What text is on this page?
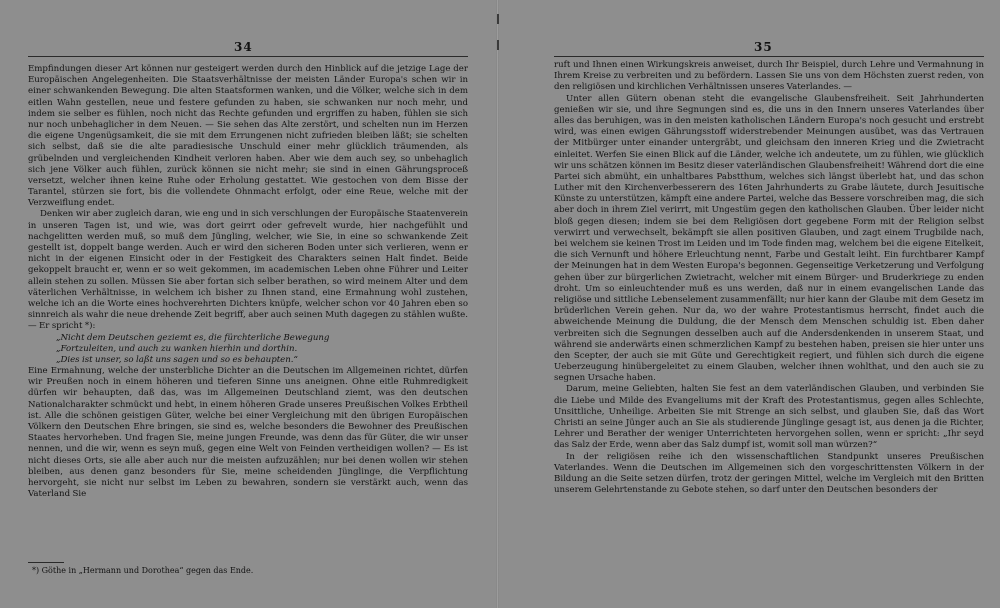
34

Empfindungen dieser Art können nur gesteigert werden durch den Hinblick auf die jetzige Lage der Europäischen Angelegenheiten. Die Staatsverhältnisse der meisten Länder Europa's schen wir in einer schwankenden Bewegung. Die alten Staatsformen wanken, und die Völker, welche sich in dem eitlen Wahn gestellen, neue und festere gefunden zu haben, sie schwanken nur noch mehr, und indem sie selber es fühlen, noch nicht das Rechte gefunden und ergriffen zu haben, fühlen sie sich nur noch unbehaglicher in dem Neuen. — Sie sehen das Alte zerstört, und schelten nun im Herzen die eigene Ungenügsamkeit, die sie mit dem Errungenen nicht zufrieden bleiben läßt; sie schelten sich selbst, daß sie die alte paradiesische Unschuld einer mehr glücklich träumenden, als grübelnden und vergleichenden Kindheit verloren haben. Aber wie dem auch sey, so unbehaglich sich jene Völker auch fühlen, zurück können sie nicht mehr; sie sind in einen Gährungsproceß versetzt, welcher ihnen keine Ruhe oder Erholung gestattet. Wie gestochen von dem Bisse der Tarantel, stürzen sie fort, bis die vollendete Ohnmacht erfolgt, oder eine Reue, welche mit der Verzweiflung endet.

Denken wir aber zugleich daran, wie eng und in sich verschlungen der Europäische Staatenverein in unseren Tagen ist, und wie, was dort geirrt oder gefrevelt wurde, hier nachgefühlt und nachgelitten werden muß, so muß dem Jüngling, welcher, wie Sie, in eine so schwankende Zeit gestellt ist, doppelt bange werden. Auch er wird den sicheren Boden unter sich verlieren, wenn er nicht in der eigenen Einsicht oder in der Festigkeit des Charakters seinen Halt findet. Beide gekoppelt braucht er, wenn er so weit gekommen, im academischen Leben ohne Führer und Leiter allein stehen zu sollen. Müssen Sie aber fortan sich selber berathen, so wird meinem Alter und dem väterlichen Verhältnisse, in welchem ich bisher zu Ihnen stand, eine Ermahnung wohl zustehen, welche ich an die Worte eines hochverehrten Dichters knüpfe, welcher schon vor 40 Jahren eben so sinnreich als wahr die neue drehende Zeit begriff, aber auch seinen Muth dagegen zu stählen wußte. — Er spricht *):

„Nicht dem Deutschen geziemt es, die fürchterliche Bewegung

„Fortzuleiten, und auch zu wanken hierhin und dorthin.

„Dies ist unser, so laßt uns sagen und so es behaupten.“

Eine Ermahnung, welche der unsterbliche Dichter an die Deutschen im Allgemeinen richtet, dürfen wir Preußen noch in einem höheren und tieferen Sinne uns aneignen. Ohne eitle Ruhmredigkeit dürfen wir behaupten, daß das, was im Allgemeinen Deutschland ziemt, was den deutschen Nationalcharakter schmückt und hebt, in einem höheren Grade unseres Preußischen Volkes Erbtheil ist. Alle die schönen geistigen Güter, welche bei einer Vergleichung mit den übrigen Europäischen Völkern den Deutschen Ehre bringen, sie sind es, welche besonders die Bewohner des Preußischen Staates hervorheben. Und fragen Sie, meine jungen Freunde, was denn das für Güter, die wir unser nennen, und die wir, wenn es seyn muß, gegen eine Welt von Feinden vertheidigen wollen? — Es ist nicht dieses Orts, sie alle aber auch nur die meisten aufzuzählen; nur bei denen wollen wir stehen bleiben, aus denen ganz besonders für Sie, meine scheidenden Jünglinge, die Verpflichtung hervorgeht, sie nicht nur selbst im Leben zu bewahren, sondern sie verstärkt auch, wenn das Vaterland Sie

*) Göthe in „Hermann und Dorothea“ gegen das Ende.
35

ruft und Ihnen einen Wirkungskreis anweiset, durch Ihr Beispiel, durch Lehre und Vermahnung in Ihrem Kreise zu verbreiten und zu befördern. Lassen Sie uns von dem Höchsten zuerst reden, von den religiösen und kirchlichen Verhältnissen unseres Vaterlandes. —

Unter allen Gütern obenan steht die evangelische Glaubensfreiheit. Seit Jahrhunderten genießen wir sie, und ihre Segnungen sind es, die uns in den Innern unseres Vaterlandes über alles das beruhigen, was in den meisten katholischen Ländern Europa's noch gesucht und erstrebt wird, was einen ewigen Gährungsstoff widerstrebender Meinungen ausübet, was das Vertrauen der Mitbürger unter einander untergräbt, und gleichsam den inneren Krieg und die Zwietracht einleitet. Werfen Sie einen Blick auf die Länder, welche ich andeutete, um zu fühlen, wie glücklich wir uns schätzen können im Besitz dieser vaterländischen Glaubensfreiheit! Während dort die eine Partei sich abmüht, ein unhaltbares Pabstthum, welches sich längst überlebt hat, und das schon Luther mit den Kirchenverbesserern des 16ten Jahrhunderts zu Grabe läutete, durch Jesuitische Künste zu unterstützen, kämpft eine andere Partei, welche das Bessere vorschreiben mag, die sich aber doch in ihrem Ziel verirrt, mit Ungestüm gegen den katholischen Glauben. Über leider nicht bloß gegen diesen; indem sie bei dem Religiösen dort gegebene Form mit der Religion selbst verwirrt und verwechselt, bekämpft sie allen positiven Glauben, und zagt einem Trugbilde nach, bei welchem sie keinen Trost im Leiden und im Tode finden mag, welchem bei die eigene Eitelkeit, die sich Vernunft und höhere Erleuchtung nennt, Farbe und Gestalt leiht. Ein furchtbarer Kampf der Meinungen hat in dem Westen Europa's begonnen. Gegenseitige Verketzerung und Verfolgung gehen über zur bürgerlichen Zwietracht, welcher mit einem Bürger- und Bruderkriege zu enden droht. Um so einleuchtender muß es uns werden, daß nur in einem evangelischen Lande das religiöse und sittliche Lebenselement zusammenfällt; nur hier kann der Glaube mit dem Gesetz im brüderlichen Verein gehen. Nur da, wo der wahre Protestantismus herrscht, findet auch die abweichende Meinung die Duldung, die der Mensch dem Menschen schuldig ist. Eben daher verbreiten sich die Segnungen desselben auch auf die Andersdenkenden in unserem Staat, und während sie anderwärts einen schmerzlichen Kampf zu bestehen haben, preisen sie hier unter uns den Scepter, der auch sie mit Güte und Gerechtigkeit regiert, und fühlen sich durch die eigene Ueberzeugung hinübergeleitet zu einem Glauben, welcher ihnen wohlthat, und den auch sie zu segnen Ursache haben.

Darum, meine Geliebten, halten Sie fest an dem vaterländischen Glauben, und verbinden Sie die Liebe und Milde des Evangeliums mit der Kraft des Protestantismus, gegen alles Schlechte, Unsittliche, Unheilige. Arbeiten Sie mit Strenge an sich selbst, und glauben Sie, daß das Wort Christi an seine Jünger auch an Sie als studierende Jünglinge gesagt ist, aus denen ja die Richter, Lehrer und Berather der weniger Unterrichteten hervorgehen sollen, wenn er spricht: „Ihr seyd das Salz der Erde, wenn aber das Salz dumpf ist, womit soll man würzen?“

In der religiösen reihe ich den wissenschaftlichen Standpunkt unseres Preußischen Vaterlandes. Wenn die Deutschen im Allgemeinen sich den vorgeschrittensten Völkern in der Bildung an die Seite setzen dürfen, trotz der geringen Mittel, welche im Vergleich mit den Britten unserem Gelehrtenstande zu Gebote stehen, so darf unter den Deutschen besonders der
